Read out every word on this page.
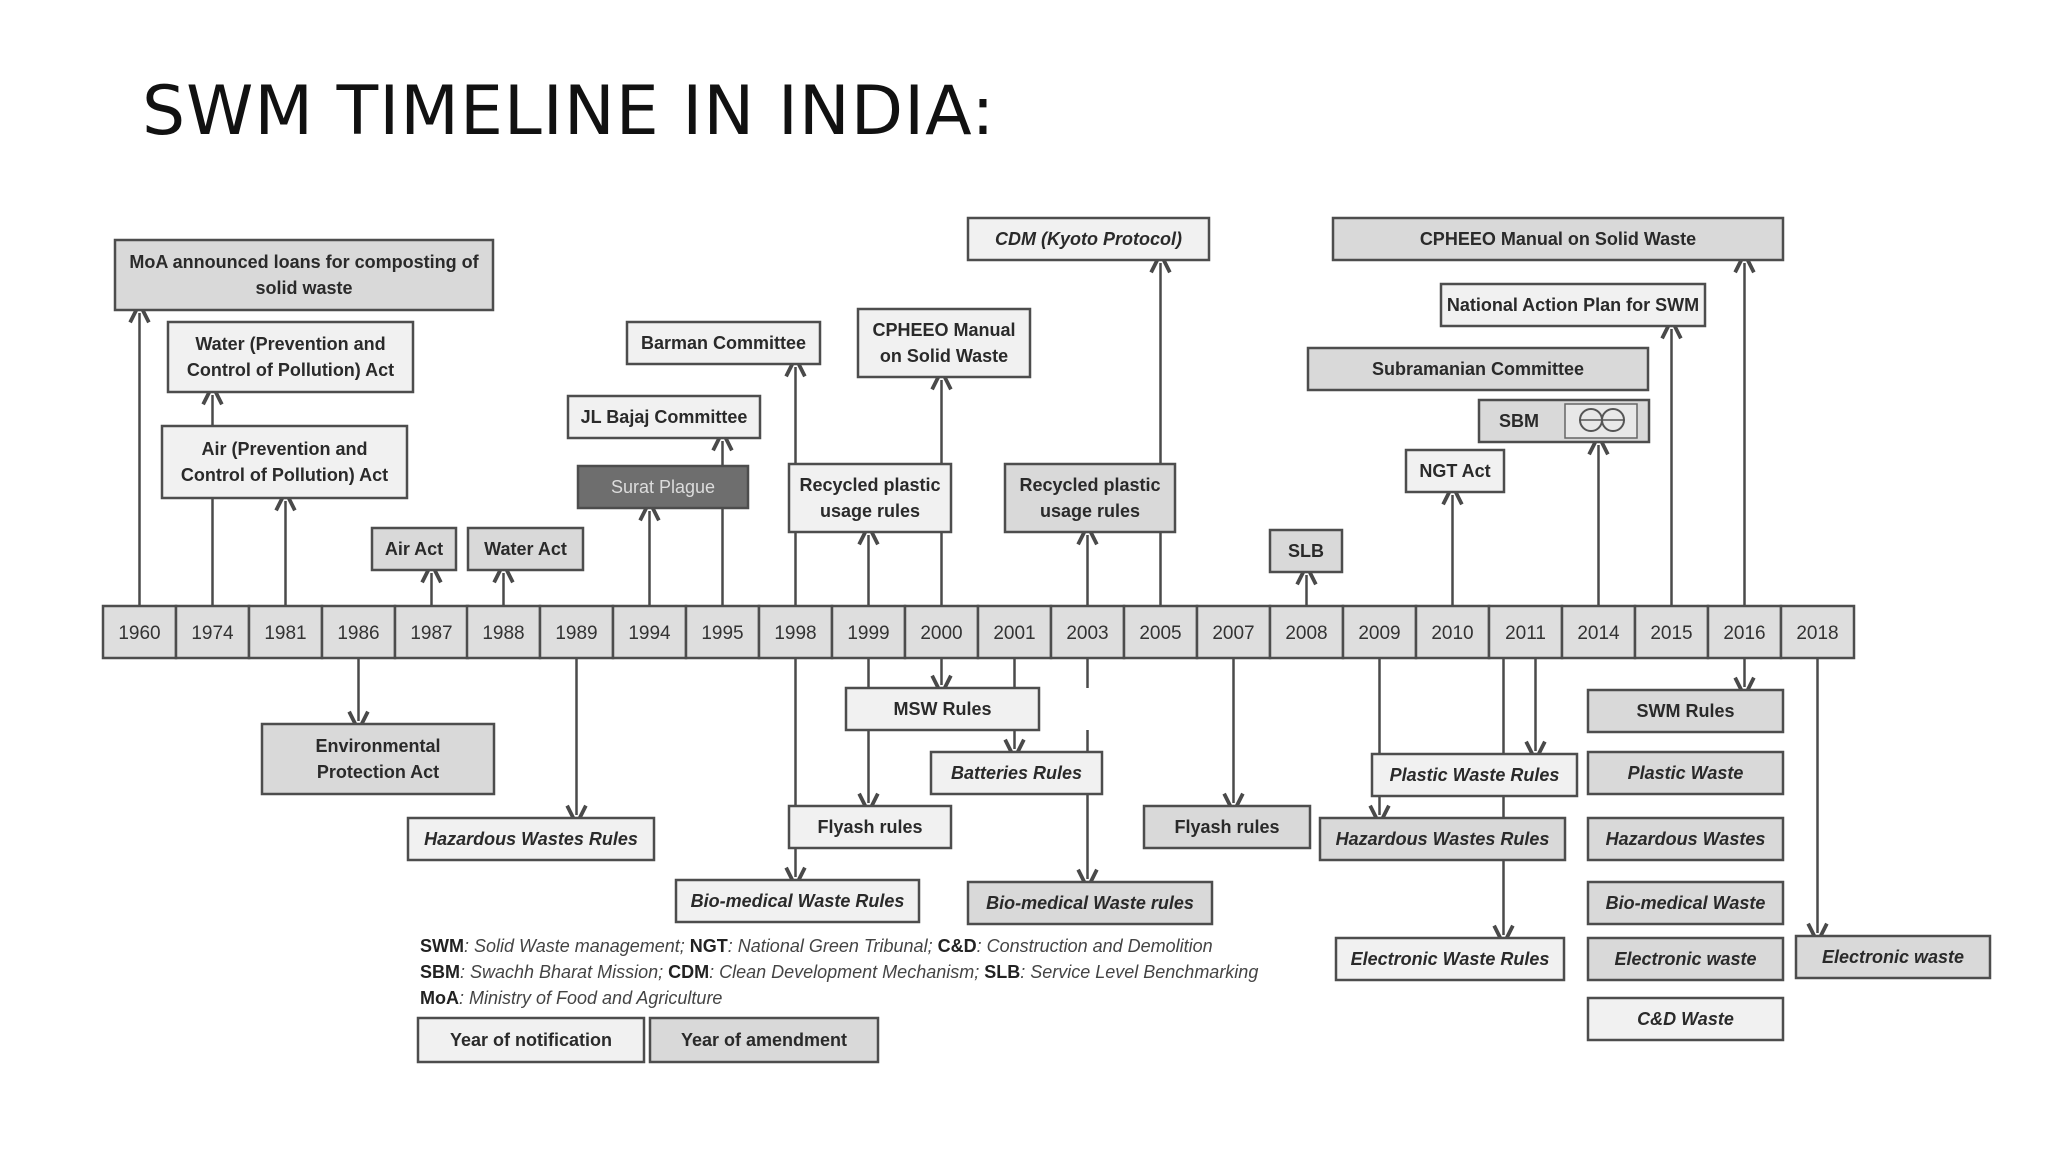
SWM TIMELINE IN INDIA:
1960 1974 1981 1986 1987 1988 1989 1994 1995 1998 1999 2000 2001 2003 2005 2007 2008 2009 2010 2011 2014 2015 2016 2018
MoA announced loans for composting of
solid waste
Water (Prevention and
Control of Pollution) Act
Air (Prevention and
Control of Pollution) Act
Air Act Water Act
JL Bajaj Committee
Barman Committee
Surat Plague	Recycled plastic
usage rules
CPHEEO Manual
on Solid Waste
CDM (Kyoto Protocol)
Recycled plastic
usage rules
SLB
NGT Act
CPHEEO Manual on Solid Waste
National Action Plan for SWM
Subramanian Committee
SBM
Environmental
Protection Act
Hazardous Wastes Rules
MSW Rules
Batteries Rules
Flyash rules
Bio-medical Waste Rules	Bio-medical Waste rules
Flyash rules
Plastic Waste Rules
Hazardous Wastes Rules
Electronic Waste Rules
SWM Rules
Plastic Waste
Hazardous Wastes
Bio-medical Waste
Electronic waste
C&D Waste
Electronic waste
SWM: Solid Waste management; NGT: National Green Tribunal; C&D: Construction and Demolition
SBM: Swachh Bharat Mission; CDM: Clean Development Mechanism; SLB: Service Level Benchmarking
MoA: Ministry of Food and Agriculture
Year of notification	Year of amendment
